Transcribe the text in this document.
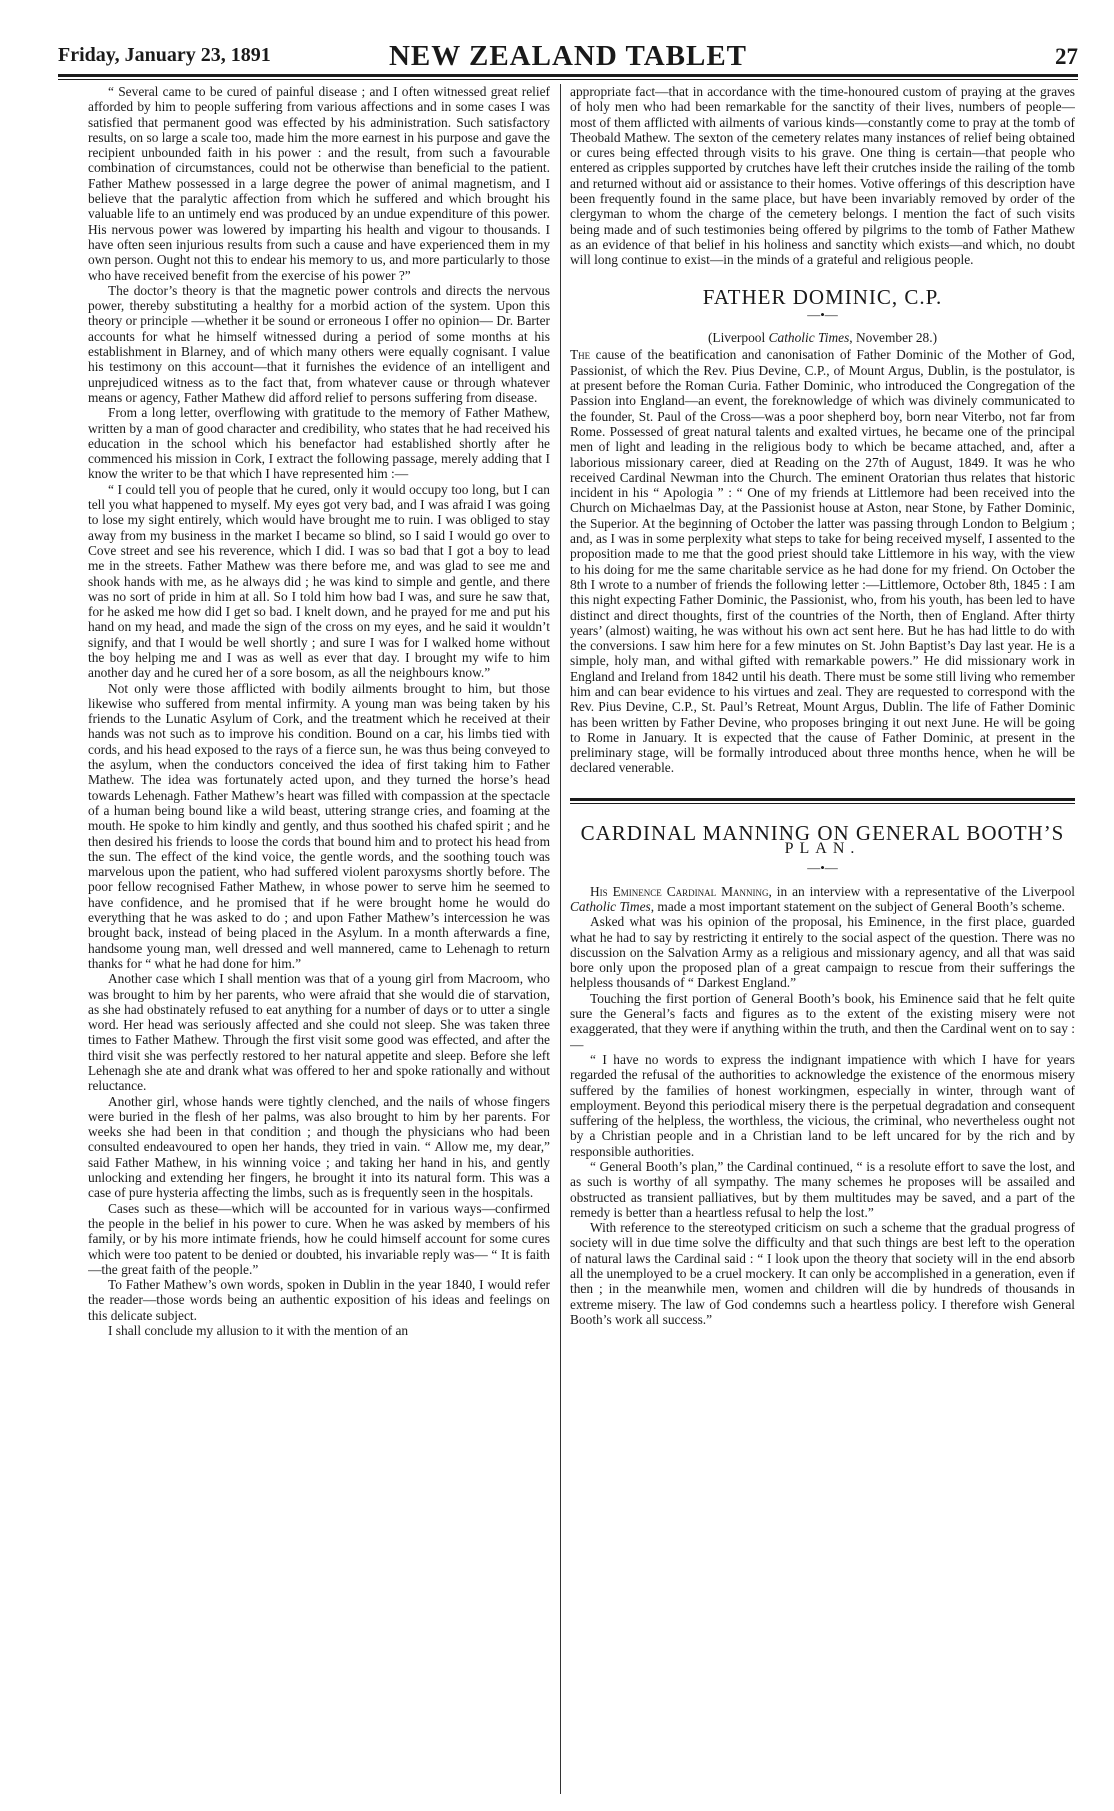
Friday, January 23, 1891	NEW ZEALAND TABLET	27

“ Several came to be cured of painful disease ; and I often witnessed great relief afforded by him to people suffering from various affections and in some cases I was satisfied that permanent good was effected by his administration. Such satisfactory results, on so large a scale too, made him the more earnest in his purpose and gave the recipient unbounded faith in his power : and the result, from such a favourable combination of circumstances, could not be otherwise than beneficial to the patient. Father Mathew possessed in a large degree the power of animal magnetism, and I believe that the paralytic affection from which he suffered and which brought his valuable life to an untimely end was produced by an undue expenditure of this power. His nervous power was lowered by imparting his health and vigour to thousands. I have often seen injurious results from such a cause and have experienced them in my own person. Ought not this to endear his memory to us, and more particularly to those who have received benefit from the exercise of his power ?”

The doctor’s theory is that the magnetic power controls and directs the nervous power, thereby substituting a healthy for a morbid action of the system. Upon this theory or principle —whether it be sound or erroneous I offer no opinion— Dr. Barter accounts for what he himself witnessed during a period of some months at his establishment in Blarney, and of which many others were equally cognisant. I value his testimony on this account—that it furnishes the evidence of an intelligent and unprejudiced witness as to the fact that, from whatever cause or through whatever means or agency, Father Mathew did afford relief to persons suffering from disease.

From a long letter, overflowing with gratitude to the memory of Father Mathew, written by a man of good character and credibility, who states that he had received his education in the school which his benefactor had established shortly after he commenced his mission in Cork, I extract the following passage, merely adding that I know the writer to be that which I have represented him :—

“ I could tell you of people that he cured, only it would occupy too long, but I can tell you what happened to myself. My eyes got very bad, and I was afraid I was going to lose my sight entirely, which would have brought me to ruin. I was obliged to stay away from my business in the market I became so blind, so I said I would go over to Cove street and see his reverence, which I did. I was so bad that I got a boy to lead me in the streets. Father Mathew was there before me, and was glad to see me and shook hands with me, as he always did ; he was kind to simple and gentle, and there was no sort of pride in him at all. So I told him how bad I was, and sure he saw that, for he asked me how did I get so bad. I knelt down, and he prayed for me and put his hand on my head, and made the sign of the cross on my eyes, and he said it wouldn’t signify, and that I would be well shortly ; and sure I was for I walked home without the boy helping me and I was as well as ever that day. I brought my wife to him another day and he cured her of a sore bosom, as all the neighbours know.”

Not only were those afflicted with bodily ailments brought to him, but those likewise who suffered from mental infirmity. A young man was being taken by his friends to the Lunatic Asylum of Cork, and the treatment which he received at their hands was not such as to improve his condition. Bound on a car, his limbs tied with cords, and his head exposed to the rays of a fierce sun, he was thus being conveyed to the asylum, when the conductors conceived the idea of first taking him to Father Mathew. The idea was fortunately acted upon, and they turned the horse’s head towards Lehenagh. Father Mathew’s heart was filled with compassion at the spectacle of a human being bound like a wild beast, uttering strange cries, and foaming at the mouth. He spoke to him kindly and gently, and thus soothed his chafed spirit ; and he then desired his friends to loose the cords that bound him and to protect his head from the sun. The effect of the kind voice, the gentle words, and the soothing touch was marvelous upon the patient, who had suffered violent paroxysms shortly before. The poor fellow recognised Father Mathew, in whose power to serve him he seemed to have confidence, and he promised that if he were brought home he would do everything that he was asked to do ; and upon Father Mathew’s intercession he was brought back, instead of being placed in the Asylum. In a month afterwards a fine, handsome young man, well dressed and well mannered, came to Lehenagh to return thanks for “ what he had done for him.”

Another case which I shall mention was that of a young girl from Macroom, who was brought to him by her parents, who were afraid that she would die of starvation, as she had obstinately refused to eat anything for a number of days or to utter a single word. Her head was seriously affected and she could not sleep. She was taken three times to Father Mathew. Through the first visit some good was effected, and after the third visit she was perfectly restored to her natural appetite and sleep. Before she left Lehenagh she ate and drank what was offered to her and spoke rationally and without reluctance.

Another girl, whose hands were tightly clenched, and the nails of whose fingers were buried in the flesh of her palms, was also brought to him by her parents. For weeks she had been in that condition ; and though the physicians who had been consulted endeavoured to open her hands, they tried in vain. “ Allow me, my dear,” said Father Mathew, in his winning voice ; and taking her hand in his, and gently unlocking and extending her fingers, he brought it into its natural form. This was a case of pure hysteria affecting the limbs, such as is frequently seen in the hospitals.

Cases such as these—which will be accounted for in various ways—confirmed the people in the belief in his power to cure. When he was asked by members of his family, or by his more intimate friends, how he could himself account for some cures which were too patent to be denied or doubted, his invariable reply was— “ It is faith—the great faith of the people.”

To Father Mathew’s own words, spoken in Dublin in the year 1840, I would refer the reader—those words being an authentic exposition of his ideas and feelings on this delicate subject.

I shall conclude my allusion to it with the mention of an

appropriate fact—that in accordance with the time-honoured custom of praying at the graves of holy men who had been remarkable for the sanctity of their lives, numbers of people—most of them afflicted with ailments of various kinds—constantly come to pray at the tomb of Theobald Mathew. The sexton of the cemetery relates many instances of relief being obtained or cures being effected through visits to his grave. One thing is certain—that people who entered as cripples supported by crutches have left their crutches inside the railing of the tomb and returned without aid or assistance to their homes. Votive offerings of this description have been frequently found in the same place, but have been invariably removed by order of the clergyman to whom the charge of the cemetery belongs. I mention the fact of such visits being made and of such testimonies being offered by pilgrims to the tomb of Father Mathew as an evidence of that belief in his holiness and sanctity which exists—and which, no doubt will long continue to exist—in the minds of a grateful and religious people.

FATHER DOMINIC, C.P.
—•—
(Liverpool Catholic Times, November 28.)

The cause of the beatification and canonisation of Father Dominic of the Mother of God, Passionist, of which the Rev. Pius Devine, C.P., of Mount Argus, Dublin, is the postulator, is at present before the Roman Curia. Father Dominic, who introduced the Congregation of the Passion into England—an event, the foreknowledge of which was divinely communicated to the founder, St. Paul of the Cross—was a poor shepherd boy, born near Viterbo, not far from Rome. Possessed of great natural talents and exalted virtues, he became one of the principal men of light and leading in the religious body to which be became attached, and, after a laborious missionary career, died at Reading on the 27th of August, 1849. It was he who received Cardinal Newman into the Church. The eminent Oratorian thus relates that historic incident in his “ Apologia ” : “ One of my friends at Littlemore had been received into the Church on Michaelmas Day, at the Passionist house at Aston, near Stone, by Father Dominic, the Superior. At the beginning of October the latter was passing through London to Belgium ; and, as I was in some perplexity what steps to take for being received myself, I assented to the proposition made to me that the good priest should take Littlemore in his way, with the view to his doing for me the same charitable service as he had done for my friend. On October the 8th I wrote to a number of friends the following letter :—Littlemore, October 8th, 1845 : I am this night expecting Father Dominic, the Passionist, who, from his youth, has been led to have distinct and direct thoughts, first of the countries of the North, then of England. After thirty years’ (almost) waiting, he was without his own act sent here. But he has had little to do with the conversions. I saw him here for a few minutes on St. John Baptist’s Day last year. He is a simple, holy man, and withal gifted with remarkable powers.” He did missionary work in England and Ireland from 1842 until his death. There must be some still living who remember him and can bear evidence to his virtues and zeal. They are requested to correspond with the Rev. Pius Devine, C.P., St. Paul’s Retreat, Mount Argus, Dublin. The life of Father Dominic has been written by Father Devine, who proposes bringing it out next June. He will be going to Rome in January. It is expected that the cause of Father Dominic, at present in the preliminary stage, will be formally introduced about three months hence, when he will be declared venerable.

CARDINAL MANNING ON GENERAL BOOTH’S
PLAN.
—•—

His Eminence Cardinal Manning, in an interview with a representative of the Liverpool Catholic Times, made a most important statement on the subject of General Booth’s scheme.

Asked what was his opinion of the proposal, his Eminence, in the first place, guarded what he had to say by restricting it entirely to the social aspect of the question. There was no discussion on the Salvation Army as a religious and missionary agency, and all that was said bore only upon the proposed plan of a great campaign to rescue from their sufferings the helpless thousands of “ Darkest England.”

Touching the first portion of General Booth’s book, his Eminence said that he felt quite sure the General’s facts and figures as to the extent of the existing misery were not exaggerated, that they were if anything within the truth, and then the Cardinal went on to say :—

“ I have no words to express the indignant impatience with which I have for years regarded the refusal of the authorities to acknowledge the existence of the enormous misery suffered by the families of honest workingmen, especially in winter, through want of employment. Beyond this periodical misery there is the perpetual degradation and consequent suffering of the helpless, the worthless, the vicious, the criminal, who nevertheless ought not by a Christian people and in a Christian land to be left uncared for by the rich and by responsible authorities.

“ General Booth’s plan,” the Cardinal continued, “ is a resolute effort to save the lost, and as such is worthy of all sympathy. The many schemes he proposes will be assailed and obstructed as transient palliatives, but by them multitudes may be saved, and a part of the remedy is better than a heartless refusal to help the lost.”

With reference to the stereotyped criticism on such a scheme that the gradual progress of society will in due time solve the difficulty and that such things are best left to the operation of natural laws the Cardinal said : “ I look upon the theory that society will in the end absorb all the unemployed to be a cruel mockery. It can only be accomplished in a generation, even if then ; in the meanwhile men, women and children will die by hundreds of thousands in extreme misery. The law of God condemns such a heartless policy. I therefore wish General Booth’s work all success.”
